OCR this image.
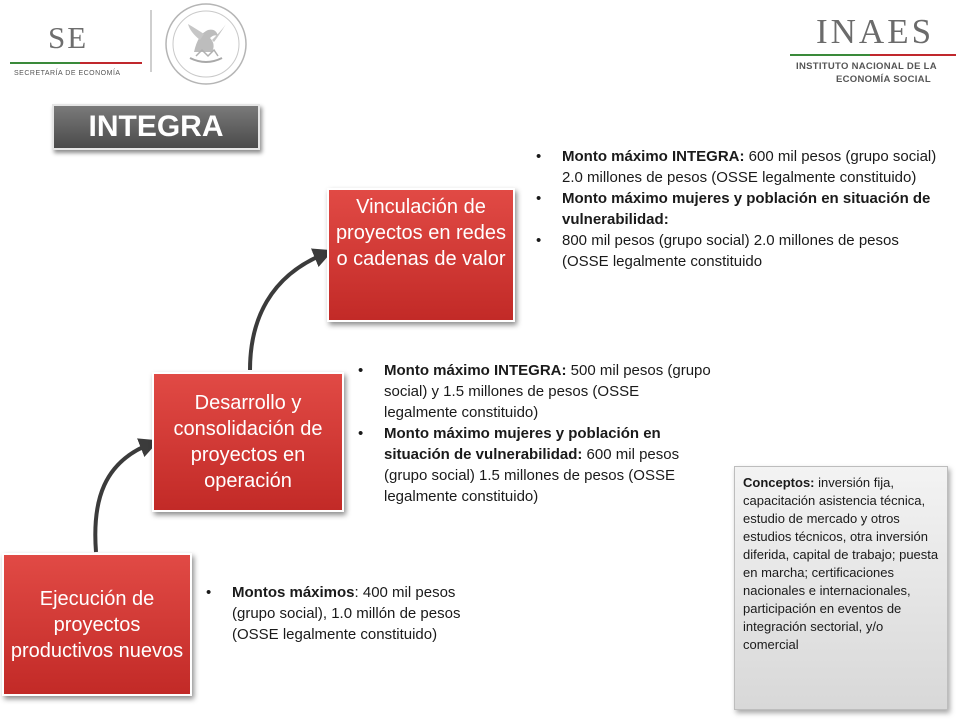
SE
SECRETARÍA DE ECONOMÍA
INAES
INSTITUTO NACIONAL DE LA
ECONOMÍA SOCIAL
INTEGRA
Ejecución de proyectos productivos nuevos
Desarrollo y consolidación de proyectos en operación
Vinculación de proyectos en redes o cadenas de valor
• Monto máximo INTEGRA: 600 mil pesos (grupo social) 2.0 millones de pesos (OSSE legalmente constituido)
• Monto máximo mujeres y población en situación de vulnerabilidad:
• 800 mil pesos (grupo social) 2.0 millones de pesos (OSSE legalmente constituido
• Monto máximo INTEGRA: 500 mil pesos (grupo social) y 1.5 millones de pesos (OSSE legalmente constituido)
• Monto máximo mujeres y población en situación de vulnerabilidad: 600 mil pesos (grupo social) 1.5 millones de pesos (OSSE legalmente constituido)
• Montos máximos: 400 mil pesos (grupo social), 1.0 millón de pesos (OSSE legalmente constituido)
Conceptos: inversión fija, capacitación asistencia técnica, estudio de mercado y otros estudios técnicos, otra inversión diferida, capital de trabajo; puesta en marcha; certificaciones nacionales e internacionales, participación en eventos de integración sectorial, y/o comercial
